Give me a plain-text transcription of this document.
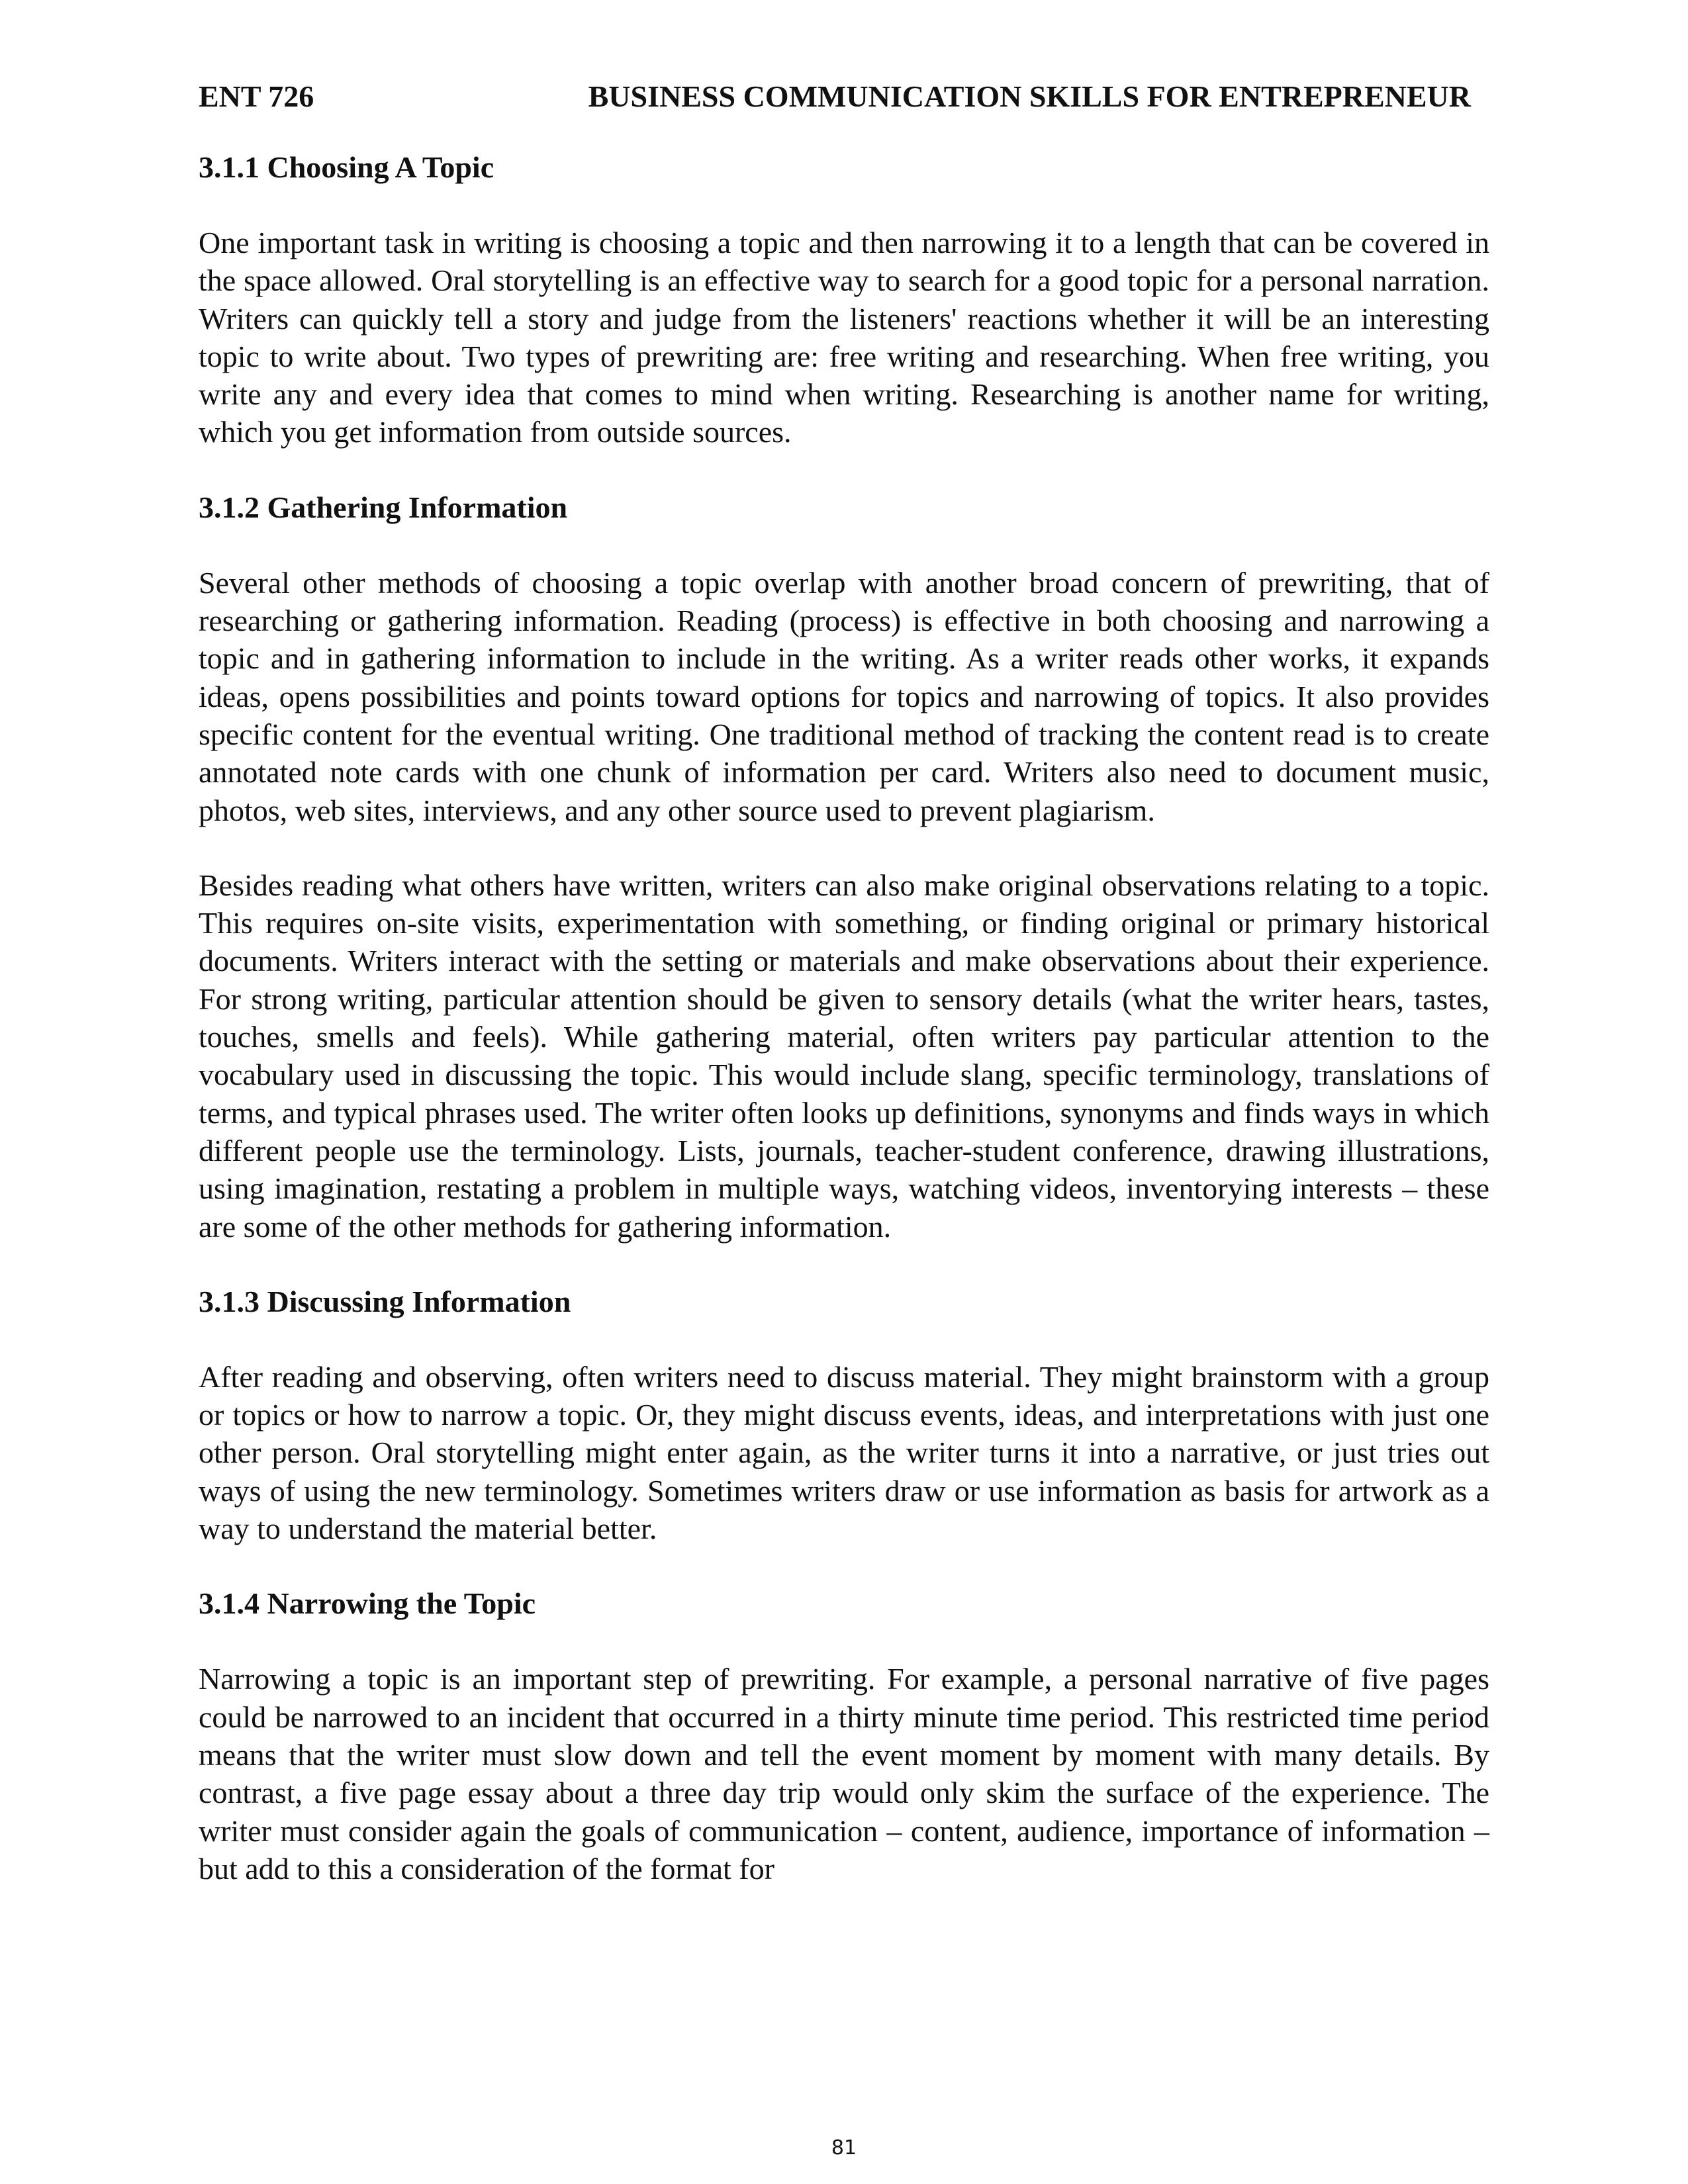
ENT 726	BUSINESS COMMUNICATION SKILLS FOR ENTREPRENEUR
3.1.1 Choosing A Topic

One important task in writing is choosing a topic and then narrowing it to a length that can be covered in the space allowed. Oral storytelling is an effective way to search for a good topic for a personal narration. Writers can quickly tell a story and judge from the listeners' reactions whether it will be an interesting topic to write about. Two types of prewriting are: free writing and researching. When free writing, you write any and every idea that comes to mind when writing. Researching is another name for writing, which you get information from outside sources.

3.1.2 Gathering Information

Several other methods of choosing a topic overlap with another broad concern of prewriting, that of researching or gathering information. Reading (process) is effective in both choosing and narrowing a topic and in gathering information to include in the writing. As a writer reads other works, it expands ideas, opens possibilities and points toward options for topics and narrowing of topics. It also provides specific content for the eventual writing. One traditional method of tracking the content read is to create annotated note cards with one chunk of information per card. Writers also need to document music, photos, web sites, interviews, and any other source used to prevent plagiarism.

Besides reading what others have written, writers can also make original observations relating to a topic. This requires on-site visits, experimentation with something, or finding original or primary historical documents. Writers interact with the setting or materials and make observations about their experience. For strong writing, particular attention should be given to sensory details (what the writer hears, tastes, touches, smells and feels). While gathering material, often writers pay particular attention to the vocabulary used in discussing the topic. This would include slang, specific terminology, translations of terms, and typical phrases used. The writer often looks up definitions, synonyms and finds ways in which different people use the terminology. Lists, journals, teacher-student conference, drawing illustrations, using imagination, restating a problem in multiple ways, watching videos, inventorying interests – these are some of the other methods for gathering information.

3.1.3 Discussing Information

After reading and observing, often writers need to discuss material. They might brainstorm with a group or topics or how to narrow a topic. Or, they might discuss events, ideas, and interpretations with just one other person. Oral storytelling might enter again, as the writer turns it into a narrative, or just tries out ways of using the new terminology. Sometimes writers draw or use information as basis for artwork as a way to understand the material better.

3.1.4 Narrowing the Topic

Narrowing a topic is an important step of prewriting. For example, a personal narrative of five pages could be narrowed to an incident that occurred in a thirty minute time period. This restricted time period means that the writer must slow down and tell the event moment by moment with many details. By contrast, a five page essay about a three day trip would only skim the surface of the experience. The writer must consider again the goals of communication – content, audience, importance of information – but add to this a consideration of the format for

81
